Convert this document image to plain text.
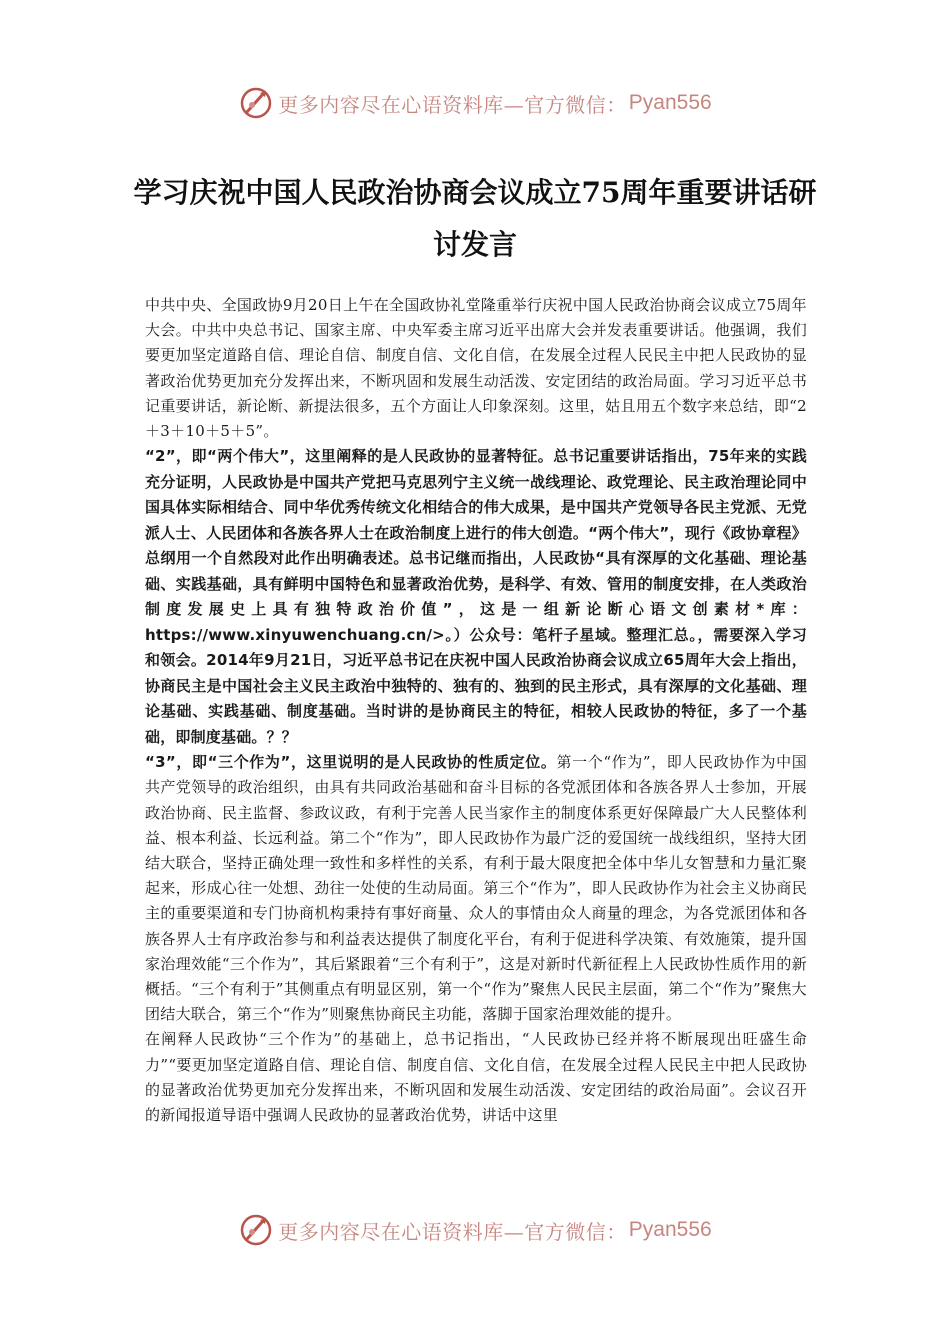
更多内容尽在心语资料库—官方微信： Pyan556
学习庆祝中国人民政治协商会议成立75周年重要讲话研讨发言

中共中央、全国政协9月20日上午在全国政协礼堂隆重举行庆祝中国人民政治协商会议成立75周年大会。中共中央总书记、国家主席、中央军委主席习近平出席大会并发表重要讲话。他强调，我们要更加坚定道路自信、理论自信、制度自信、文化自信，在发展全过程人民民主中把人民政协的显著政治优势更加充分发挥出来，不断巩固和发展生动活泼、安定团结的政治局面。学习习近平总书记重要讲话，新论断、新提法很多，五个方面让人印象深刻。这里，姑且用五个数字来总结，即“2＋3＋10＋5＋5”。

“2”，即“两个伟大”，这里阐释的是人民政协的显著特征。总书记重要讲话指出，75年来的实践充分证明，人民政协是中国共产党把马克思列宁主义统一战线理论、政党理论、民主政治理论同中国具体实际相结合、同中华优秀传统文化相结合的伟大成果，是中国共产党领导各民主党派、无党派人士、人民团体和各族各界人士在政治制度上进行的伟大创造。“两个伟大”，现行《政协章程》总纲用一个自然段对此作出明确表述。总书记继而指出，人民政协“具有深厚的文化基础、理论基础、实践基础，具有鲜明中国特色和显著政治优势，是科学、有效、管用的制度安排，在人类政治制度发展史上具有独特政治价值”，这是一组新论断心语文创素材*库：https://www.xinyuwenchuang.cn/>。）公众号：笔杆子星域。整理汇总。，需要深入学习和领会。2014年9月21日，习近平总书记在庆祝中国人民政治协商会议成立65周年大会上指出，协商民主是中国社会主义民主政治中独特的、独有的、独到的民主形式，具有深厚的文化基础、理论基础、实践基础、制度基础。当时讲的是协商民主的特征，相较人民政协的特征，多了一个基础，即制度基础。？？

“3”，即“三个作为”，这里说明的是人民政协的性质定位。第一个“作为”，即人民政协作为中国共产党领导的政治组织，由具有共同政治基础和奋斗目标的各党派团体和各族各界人士参加，开展政治协商、民主监督、参政议政，有利于完善人民当家作主的制度体系更好保障最广大人民整体利益、根本利益、长远利益。第二个“作为”，即人民政协作为最广泛的爱国统一战线组织，坚持大团结大联合，坚持正确处理一致性和多样性的关系，有利于最大限度把全体中华儿女智慧和力量汇聚起来，形成心往一处想、劲往一处使的生动局面。第三个“作为”，即人民政协作为社会主义协商民主的重要渠道和专门协商机构秉持有事好商量、众人的事情由众人商量的理念，为各党派团体和各族各界人士有序政治参与和利益表达提供了制度化平台，有利于促进科学决策、有效施策，提升国家治理效能“三个作为”，其后紧跟着“三个有利于”，这是对新时代新征程上人民政协性质作用的新概括。“三个有利于”其侧重点有明显区别，第一个“作为”聚焦人民民主层面，第二个“作为”聚焦大团结大联合，第三个“作为”则聚焦协商民主功能，落脚于国家治理效能的提升。

在阐释人民政协“三个作为”的基础上，总书记指出，“人民政协已经并将不断展现出旺盛生命力”“要更加坚定道路自信、理论自信、制度自信、文化自信，在发展全过程人民民主中把人民政协的显著政治优势更加充分发挥出来，不断巩固和发展生动活泼、安定团结的政治局面”。会议召开的新闻报道导语中强调人民政协的显著政治优势，讲话中这里

更多内容尽在心语资料库—官方微信： Pyan556
